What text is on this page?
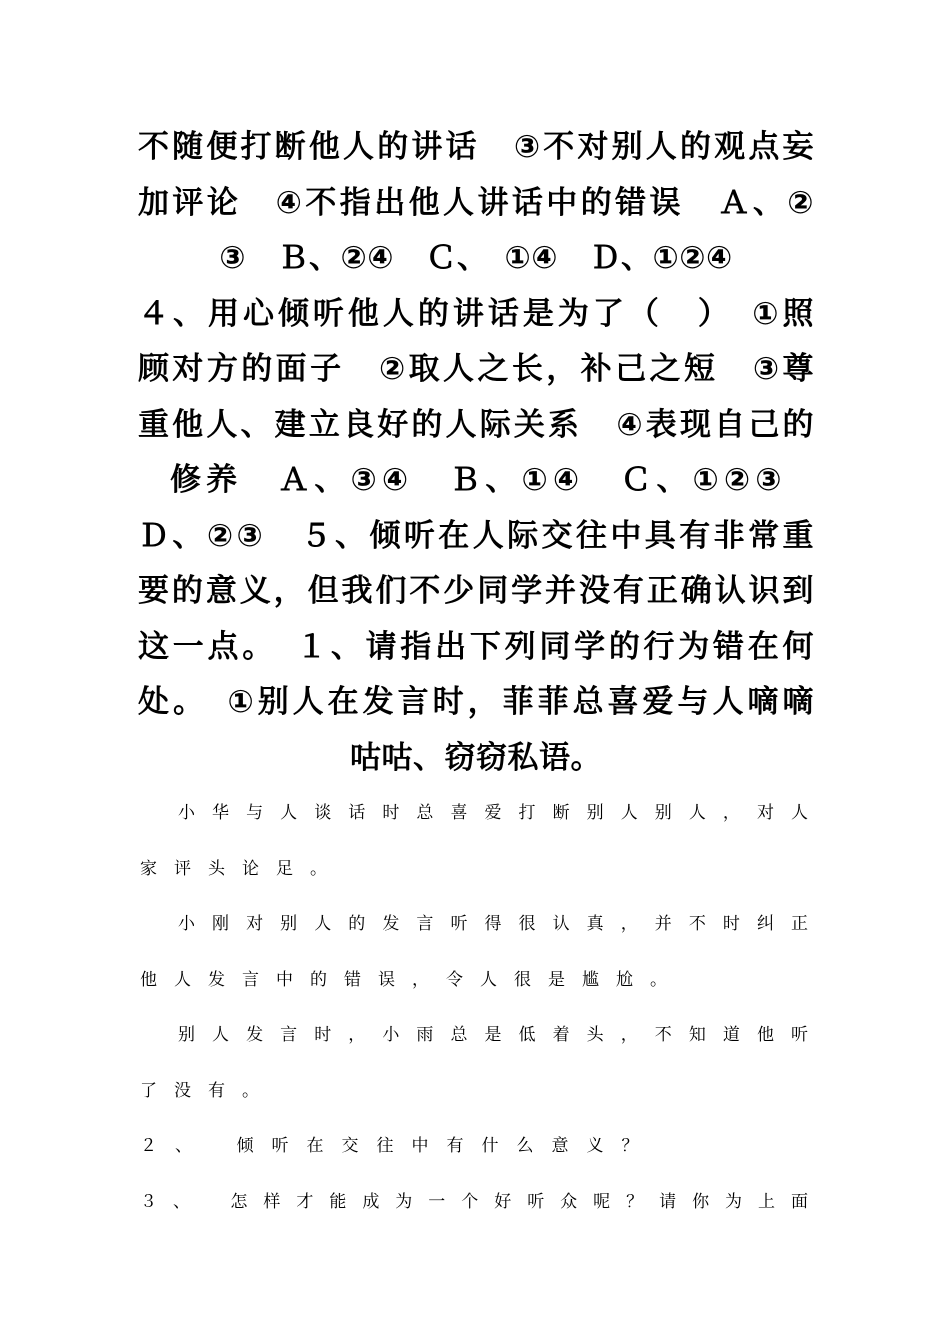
不随便打断他人的讲话　③不对别人的观点妄
加评论　④不指出他人讲话中的错误　Ａ、②
③　Ｂ、②④　Ｃ、　①④　Ｄ、①②④
４、用心倾听他人的讲话是为了（　）　①照
顾对方的面子　②取人之长，补己之短　③尊
重他人、建立良好的人际关系　④表现自己的
修养　Ａ、③④　Ｂ、①④　Ｃ、①②③
Ｄ、②③　５、倾听在人际交往中具有非常重
要的意义，但我们不少同学并没有正确认识到
这一点。　１、请指出下列同学的行为错在何
处。　①别人在发言时，菲菲总喜爱与人嘀嘀
咕咕、窃窃私语。
小华与人谈话时总喜爱打断别人别人，对人
家评头论足。
小刚对别人的发言听得很认真，并不时纠正
他人发言中的错误，令人很是尴尬。
别人发言时，小雨总是低着头，不知道他听
了没有。
２、　倾听在交往中有什么意义？
３、　怎样才能成为一个好听众呢？请你为上面
